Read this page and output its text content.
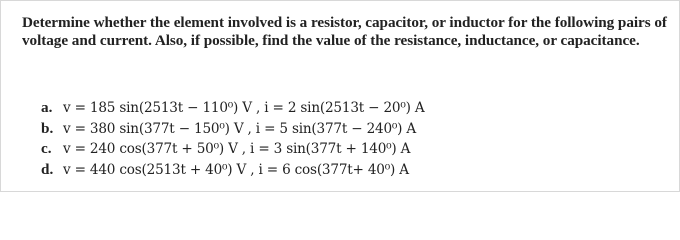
Determine whether the element involved is a resistor, capacitor, or inductor for the following pairs of voltage and current. Also, if possible, find the value of the resistance, inductance, or capacitance.
a. v = 185 sin(2513t − 110⁰) V , i = 2 sin(2513t − 20⁰) A
b. v = 380 sin(377t − 150⁰) V , i = 5 sin(377t − 240⁰) A
c. v = 240 cos(377t + 50⁰) V , i = 3 sin(377t + 140⁰) A
d. v = 440 cos(2513t + 40⁰) V , i = 6 cos(377t+ 40⁰) A
